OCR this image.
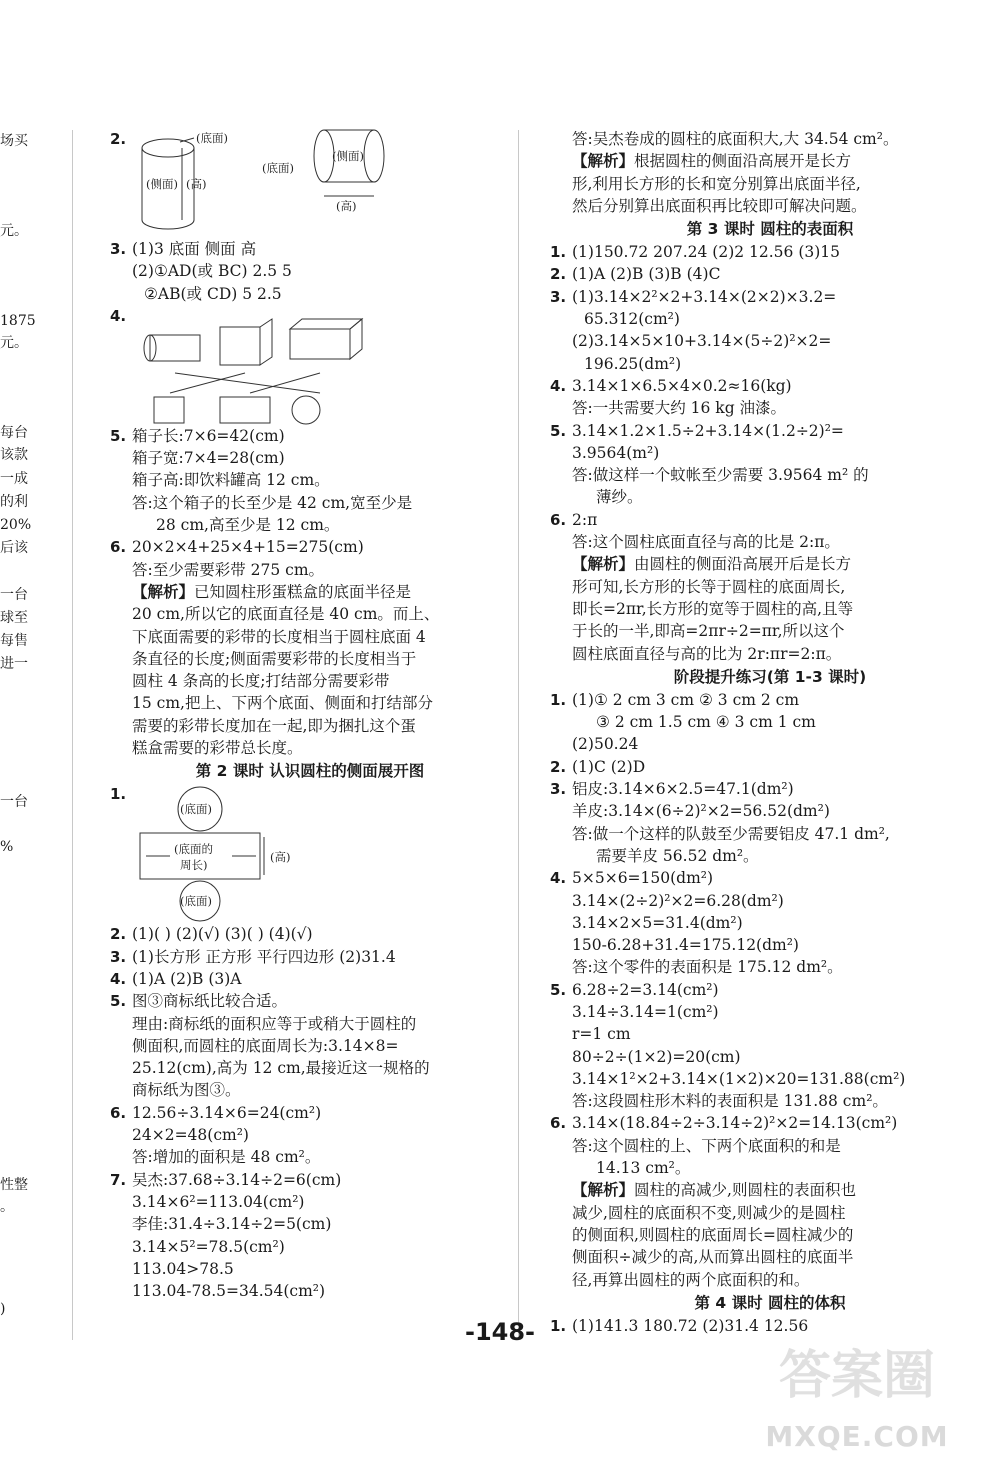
场买
元。
1875
元。
每台
该款
一成
的利
20%
后该
一台
球至
每售
进一
一台
%
性整
。
)
2.	(底面)
(侧面) (高)
(底面)
(侧面)
(高)
3. (1)3 底面 侧面 高
(2)①AD(或 BC) 2.5 5
②AB(或 CD) 5 2.5
4.
5. 箱子长:7×6=42(cm)
箱子宽:7×4=28(cm)
箱子高:即饮料罐高 12 cm。
答:这个箱子的长至少是 42 cm,宽至少是
28 cm,高至少是 12 cm。
6. 20×2×4+25×4+15=275(cm)
答:至少需要彩带 275 cm。
【解析】已知圆柱形蛋糕盒的底面半径是
20 cm,所以它的底面直径是 40 cm。而上、
下底面需要的彩带的长度相当于圆柱底面 4
条直径的长度;侧面需要彩带的长度相当于
圆柱 4 条高的长度;打结部分需要彩带
15 cm,把上、下两个底面、侧面和打结部分
需要的彩带长度加在一起,即为捆扎这个蛋
糕盒需要的彩带总长度。
第 2 课时 认识圆柱的侧面展开图
1.
(底面)
(底面的
周长)
(高)
(底面)
2. (1)( ) (2)(√) (3)( ) (4)(√)
3. (1)长方形 正方形 平行四边形 (2)31.4
4. (1)A (2)B (3)A
5. 图③商标纸比较合适。
理由:商标纸的面积应等于或稍大于圆柱的
侧面积,而圆柱的底面周长为:3.14×8=
25.12(cm),高为 12 cm,最接近这一规格的
商标纸为图③。
6. 12.56÷3.14×6=24(cm²)
24×2=48(cm²)
答:增加的面积是 48 cm²。
7. 吴杰:37.68÷3.14÷2=6(cm)
3.14×6²=113.04(cm²)
李佳:31.4÷3.14÷2=5(cm)
3.14×5²=78.5(cm²)
113.04>78.5
113.04-78.5=34.54(cm²)
答:吴杰卷成的圆柱的底面积大,大 34.54 cm²。
【解析】根据圆柱的侧面沿高展开是长方
形,利用长方形的长和宽分别算出底面半径,
然后分别算出底面积再比较即可解决问题。
第 3 课时 圆柱的表面积
1. (1)150.72 207.24 (2)2 12.56 (3)15
2. (1)A (2)B (3)B (4)C
3. (1)3.14×2²×2+3.14×(2×2)×3.2=
65.312(cm²)
(2)3.14×5×10+3.14×(5÷2)²×2=
196.25(dm²)
4. 3.14×1×6.5×4×0.2≈16(kg)
答:一共需要大约 16 kg 油漆。
5. 3.14×1.2×1.5÷2+3.14×(1.2÷2)²=
3.9564(m²)
答:做这样一个蚊帐至少需要 3.9564 m² 的
薄纱。
6. 2:π
答:这个圆柱底面直径与高的比是 2:π。
【解析】由圆柱的侧面沿高展开后是长方
形可知,长方形的长等于圆柱的底面周长,
即长=2πr,长方形的宽等于圆柱的高,且等
于长的一半,即高=2πr÷2=πr,所以这个
圆柱底面直径与高的比为 2r:πr=2:π。
阶段提升练习(第 1-3 课时)
1. (1)① 2 cm 3 cm ② 3 cm 2 cm
③ 2 cm 1.5 cm ④ 3 cm 1 cm
(2)50.24
2. (1)C (2)D
3. 铝皮:3.14×6×2.5=47.1(dm²)
羊皮:3.14×(6÷2)²×2=56.52(dm²)
答:做一个这样的队鼓至少需要铝皮 47.1 dm²,
需要羊皮 56.52 dm²。
4. 5×5×6=150(dm²)
3.14×(2÷2)²×2=6.28(dm²)
3.14×2×5=31.4(dm²)
150-6.28+31.4=175.12(dm²)
答:这个零件的表面积是 175.12 dm²。
5. 6.28÷2=3.14(cm²)
3.14÷3.14=1(cm²)
r=1 cm
80÷2÷(1×2)=20(cm)
3.14×1²×2+3.14×(1×2)×20=131.88(cm²)
答:这段圆柱形木料的表面积是 131.88 cm²。
6. 3.14×(18.84÷2÷3.14÷2)²×2=14.13(cm²)
答:这个圆柱的上、下两个底面积的和是
14.13 cm²。
【解析】圆柱的高减少,则圆柱的表面积也
减少,圆柱的底面积不变,则减少的是圆柱
的侧面积,则圆柱的底面周长=圆柱减少的
侧面积÷减少的高,从而算出圆柱的底面半
径,再算出圆柱的两个底面积的和。
第 4 课时 圆柱的体积
1. (1)141.3 180.72 (2)31.4 12.56
-148-
答案圈
MXQE.COM
